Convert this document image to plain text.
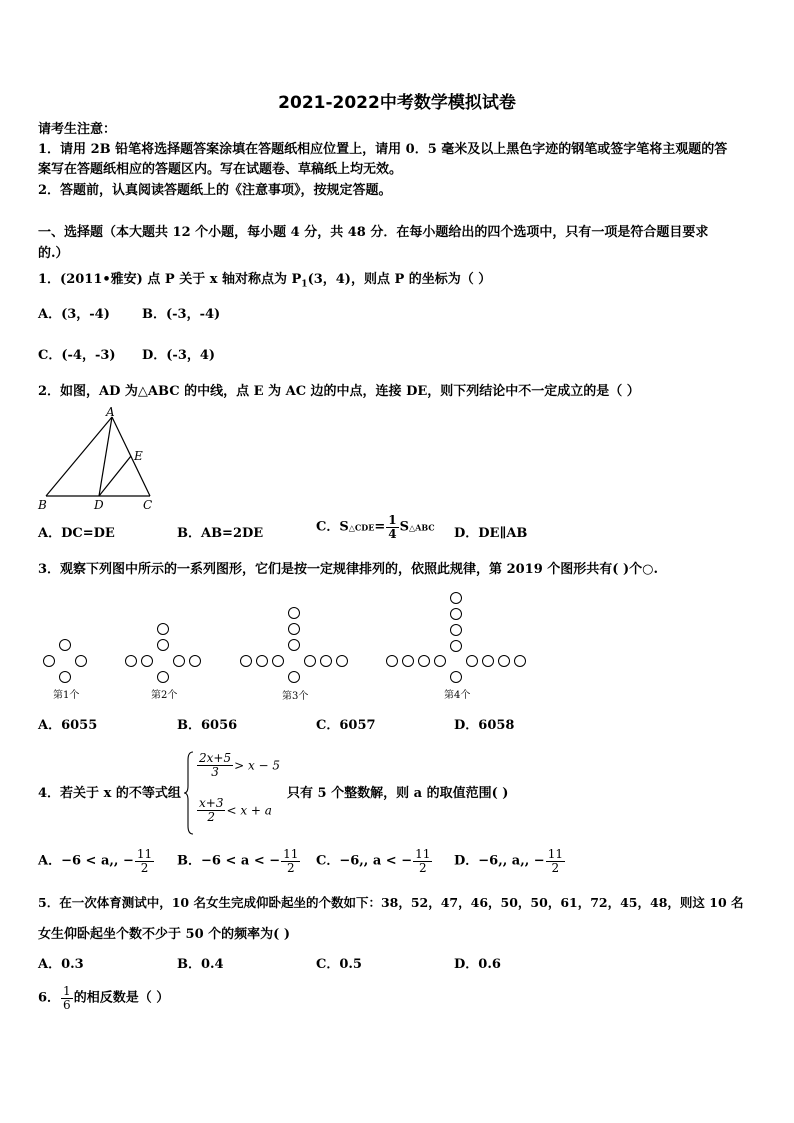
2021-2022中考数学模拟试卷
请考生注意：
1．请用 2B 铅笔将选择题答案涂填在答题纸相应位置上，请用 0．5 毫米及以上黑色字迹的钢笔或签字笔将主观题的答
案写在答题纸相应的答题区内。写在试题卷、草稿纸上均无效。
2．答题前，认真阅读答题纸上的《注意事项》，按规定答题。
一、选择题（本大题共 12 个小题，每小题 4 分，共 48 分．在每小题给出的四个选项中，只有一项是符合题目要求
的.）
1．(2011•雅安) 点 P 关于 x 轴对称点为 $P_1(3$，4)，则点 P 的坐标为（ ）
A．(3，-4) B．(-3，-4)
C．(-4，-3) D．(-3，4)
2．如图，AD 为△ABC 的中线，点 E 为 AC 边的中点，连接 DE，则下列结论中不一定成立的是（ ）
A
E
B	D	C
A．DC=DE	B．AB=2DE	C．S△CDE= $\frac{1}{4}$ S△ABC D．DE∥AB
3．观察下列图中所示的一系列图形，它们是按一定规律排列的，依照此规律，第 2019 个图形共有( )个○.
第1个	第2个	第3个	第4个
A．6055	B．6056	C．6057	D．6058
4．若关于 x 的不等式组
$\frac{2x+5}{3} > x - 5$
$\frac{x+3}{2} < x + a$
只有 5 个整数解，则 a 的取值范围( )
A．−6 < a,, − $\frac{11}{2}$ B．−6 < a < − $\frac{11}{2}$ C．−6,, a < − $\frac{11}{2}$ D．−6,, a,, − $\frac{11}{2}$
5．在一次体育测试中，10 名女生完成仰卧起坐的个数如下：38，52，47，46，50，50，61，72，45，48，则这 10 名
女生仰卧起坐个数不少于 50 个的频率为( )
A．0.3	B．0.4	C．0.5	D．0.6
6． $\frac{1}{6}$ 的相反数是（ ）
